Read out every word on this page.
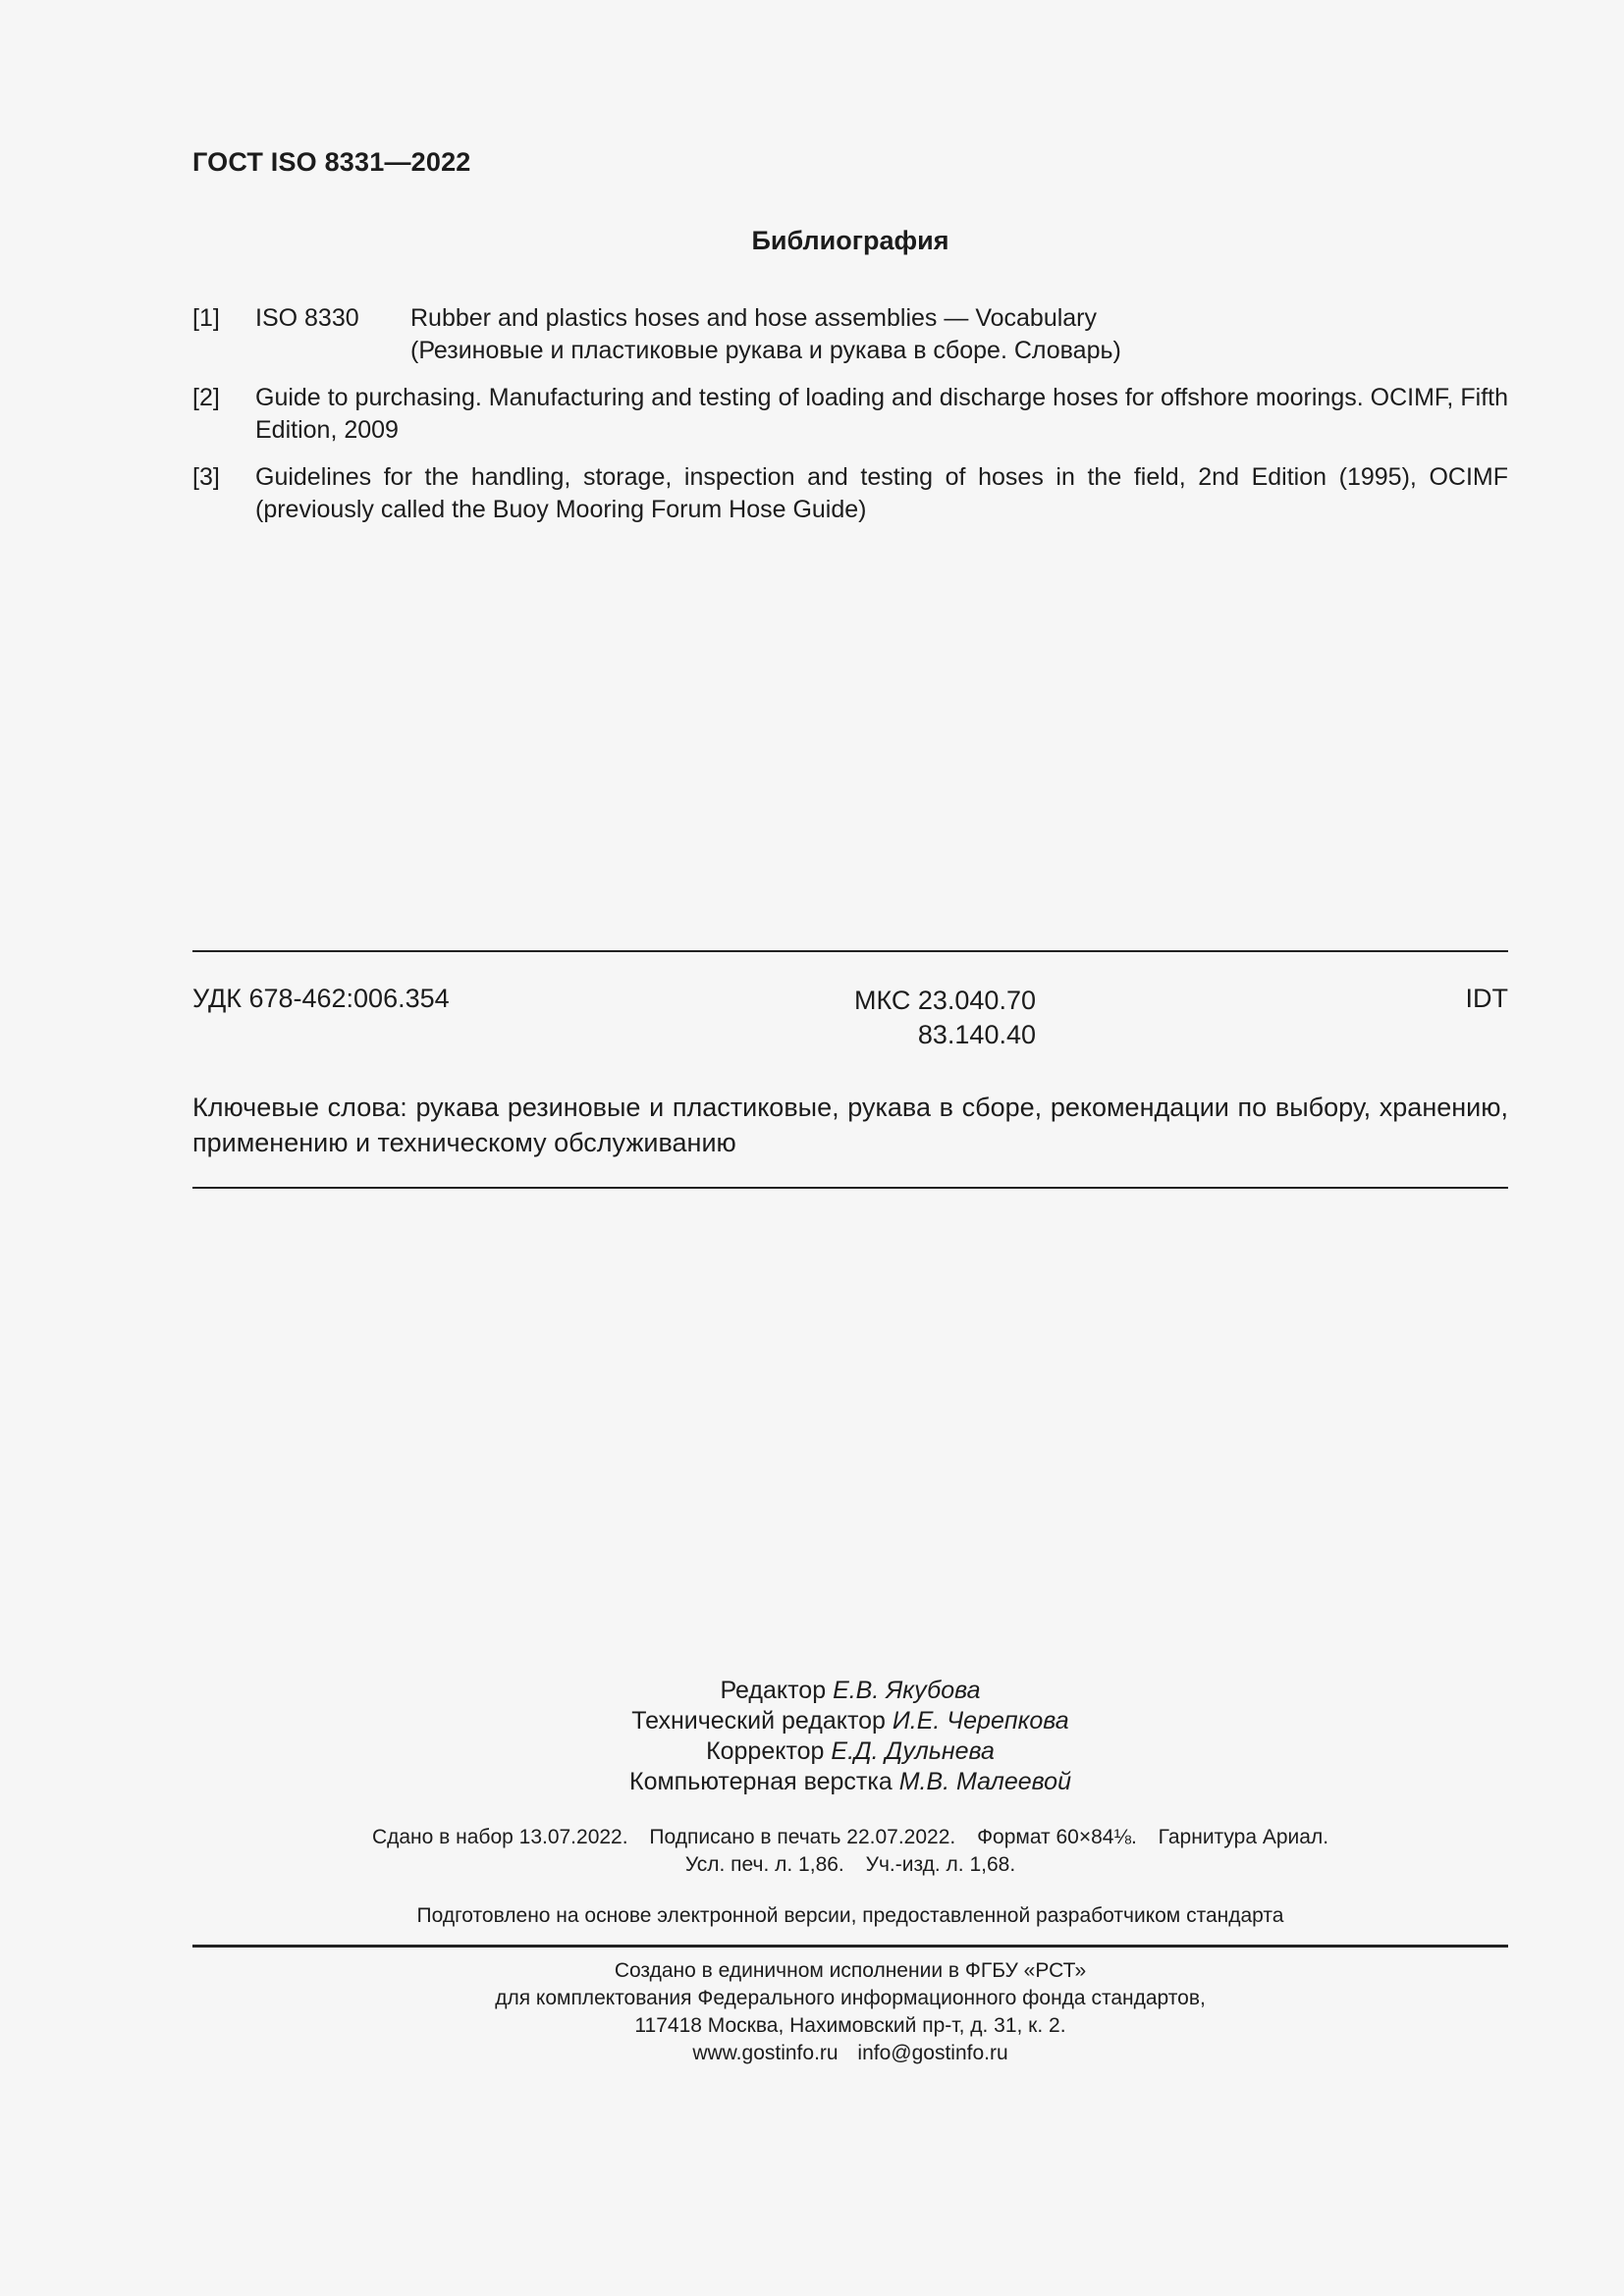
ГОСТ ISO 8331—2022
Библиография
[1] ISO 8330 Rubber and plastics hoses and hose assemblies — Vocabulary
(Резиновые и пластиковые рукава и рукава в сборе. Словарь)
[2] Guide to purchasing. Manufacturing and testing of loading and discharge hoses for offshore moorings. OCIMF, Fifth Edition, 2009
[3] Guidelines for the handling, storage, inspection and testing of hoses in the field, 2nd Edition (1995), OCIMF (previously called the Buoy Mooring Forum Hose Guide)
УДК 678-462:006.354	МКС 23.040.70
83.140.40
IDT
Ключевые слова: рукава резиновые и пластиковые, рукава в сборе, рекомендации по выбору, хранению, применению и техническому обслуживанию
Редактор Е.В. Якубова
Технический редактор И.Е. Черепкова
Корректор Е.Д. Дульнева
Компьютерная верстка М.В. Малеевой
Сдано в набор 13.07.2022. Подписано в печать 22.07.2022. Формат 60×84⅛. Гарнитура Ариал.
Усл. печ. л. 1,86. Уч.-изд. л. 1,68.
Подготовлено на основе электронной версии, предоставленной разработчиком стандарта
Создано в единичном исполнении в ФГБУ «РСТ»
для комплектования Федерального информационного фонда стандартов,
117418 Москва, Нахимовский пр-т, д. 31, к. 2.
www.gostinfo.ru info@gostinfo.ru
